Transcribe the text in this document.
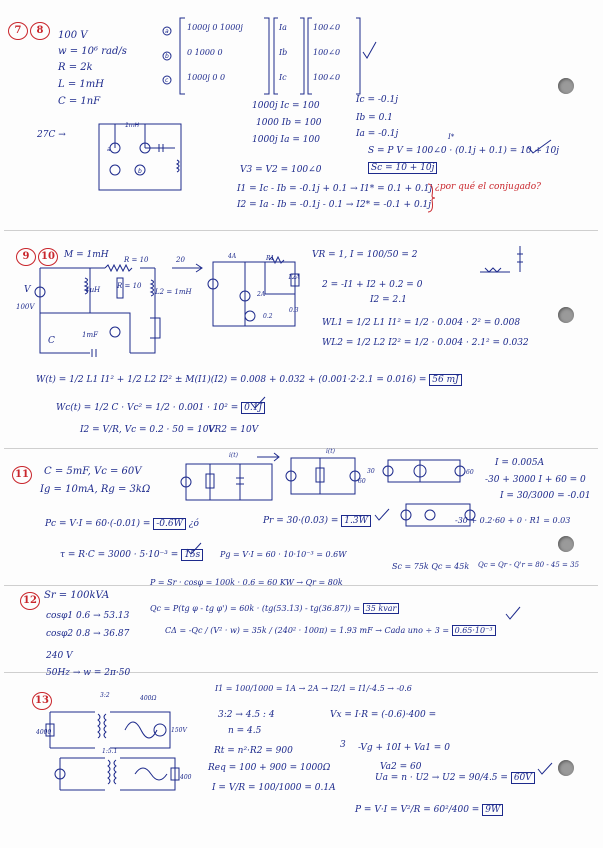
7	8	100 V
w = 10⁶ rad/s
R = 2k
L = 1mH
C = 1nF
a
b
c
1000j 0 1000j
0 1000 0
1000j 0 0
Ia
Ib
Ic
100∠0
100∠0
100∠0
1000j Ic = 100
1000 Ib = 100
1000j Ia = 100
Ic = -0.1j
Ib = 0.1
Ia = -0.1j
27C →
1mH
a
b	V3 = V2 = 100∠0
I*
S = P V = 100∠0 · (0.1j + 0.1) = 10 + 10j
Sc = 10 + 10j
I1 = Ic - Ib = -0.1j + 0.1 → I1* = 0.1 + 0.1j
I2 = Ia - Ib = -0.1j - 0.1 → I2* = -0.1 + 0.1j
¿por qué el conjugado?
9	10	M = 1mH R = 10
V
100V
4µH R = 10
L2 = 1mH
C
1mF
20	4A	R1
2A
12A
0.2
0.3
VR = 1, I = 100/50 = 2
2 = -I1 + I2 + 0.2 = 0
I2 = 2.1
WL1 = 1/2 L1 I1² = 1/2 · 0.004 · 2² = 0.008
WL2 = 1/2 L2 I2² = 1/2 · 0.004 · 2.1² = 0.032
W(t) = 1/2 L1 I1² + 1/2 L2 I2² ± M(I1)(I2) = 0.008 + 0.032 + (0.001·2·2.1 = 0.016) = 56 mJ
Wc(t) = 1/2 C · Vc² = 1/2 · 0.001 · 10² = 0.1J
I2 = V/R, Vc = 0.2 · 50 = 10V
VR2 = 10V
11	C = 5mF, Vc = 60V
Ig = 10mA, Rg = 3kΩ
i(t)
i(t)
60
60
30
I = 0.005A
-30 + 3000 I + 60 = 0
I = 30/3000 = -0.01
-30 + 0.2·60 + 0 · R1 = 0.03
Pc = V·I = 60·(-0.01) = -0.6W ¿ó	Pr = 30·(0.03) = 1.3W
τ = R·C = 3000 · 5·10⁻³ = 15s	Pg = V·I = 60 · 10·10⁻³ = 0.6W
12 Sr = 100kVA
cosφ1 0.6 → 53.13
cosφ2 0.8 → 36.87
240 V
50Hz → w = 2π·50
P = Sr · cosφ = 100k · 0.6 = 60 KW → Qr = 80k
Sc = 75k Qc = 45k Qc = Qr - Q'r = 80 - 45 = 35
Qc = P(tg φ - tg φ') = 60k · (tg(53.13) - tg(36.87)) = 35 kvar
CΔ = -Qc / (V² · w) = 35k / (240² · 100π) = 1.93 mF → Cada uno ÷ 3 = 0.65·10⁻³
13	3:2	400Ω
4000	150V
1:5.1
400
I1 = 100/1000 = 1A → 2A → I2/1 = I1/-4.5 → -0.6
3:2 → 4.5 : 4
n = 4.5
Vx = I·R = (-0.6)·400 =
Rt = n²·R2 = 900
Req = 100 + 900 = 1000Ω
I = V/R = 100/1000 = 0.1A
3 -Vg + 10I + Va1 = 0
Va2 = 60
Ua = n · U2 → U2 = 90/4.5 = 60V
P = V·I = V²/R = 60²/400 = 9W
